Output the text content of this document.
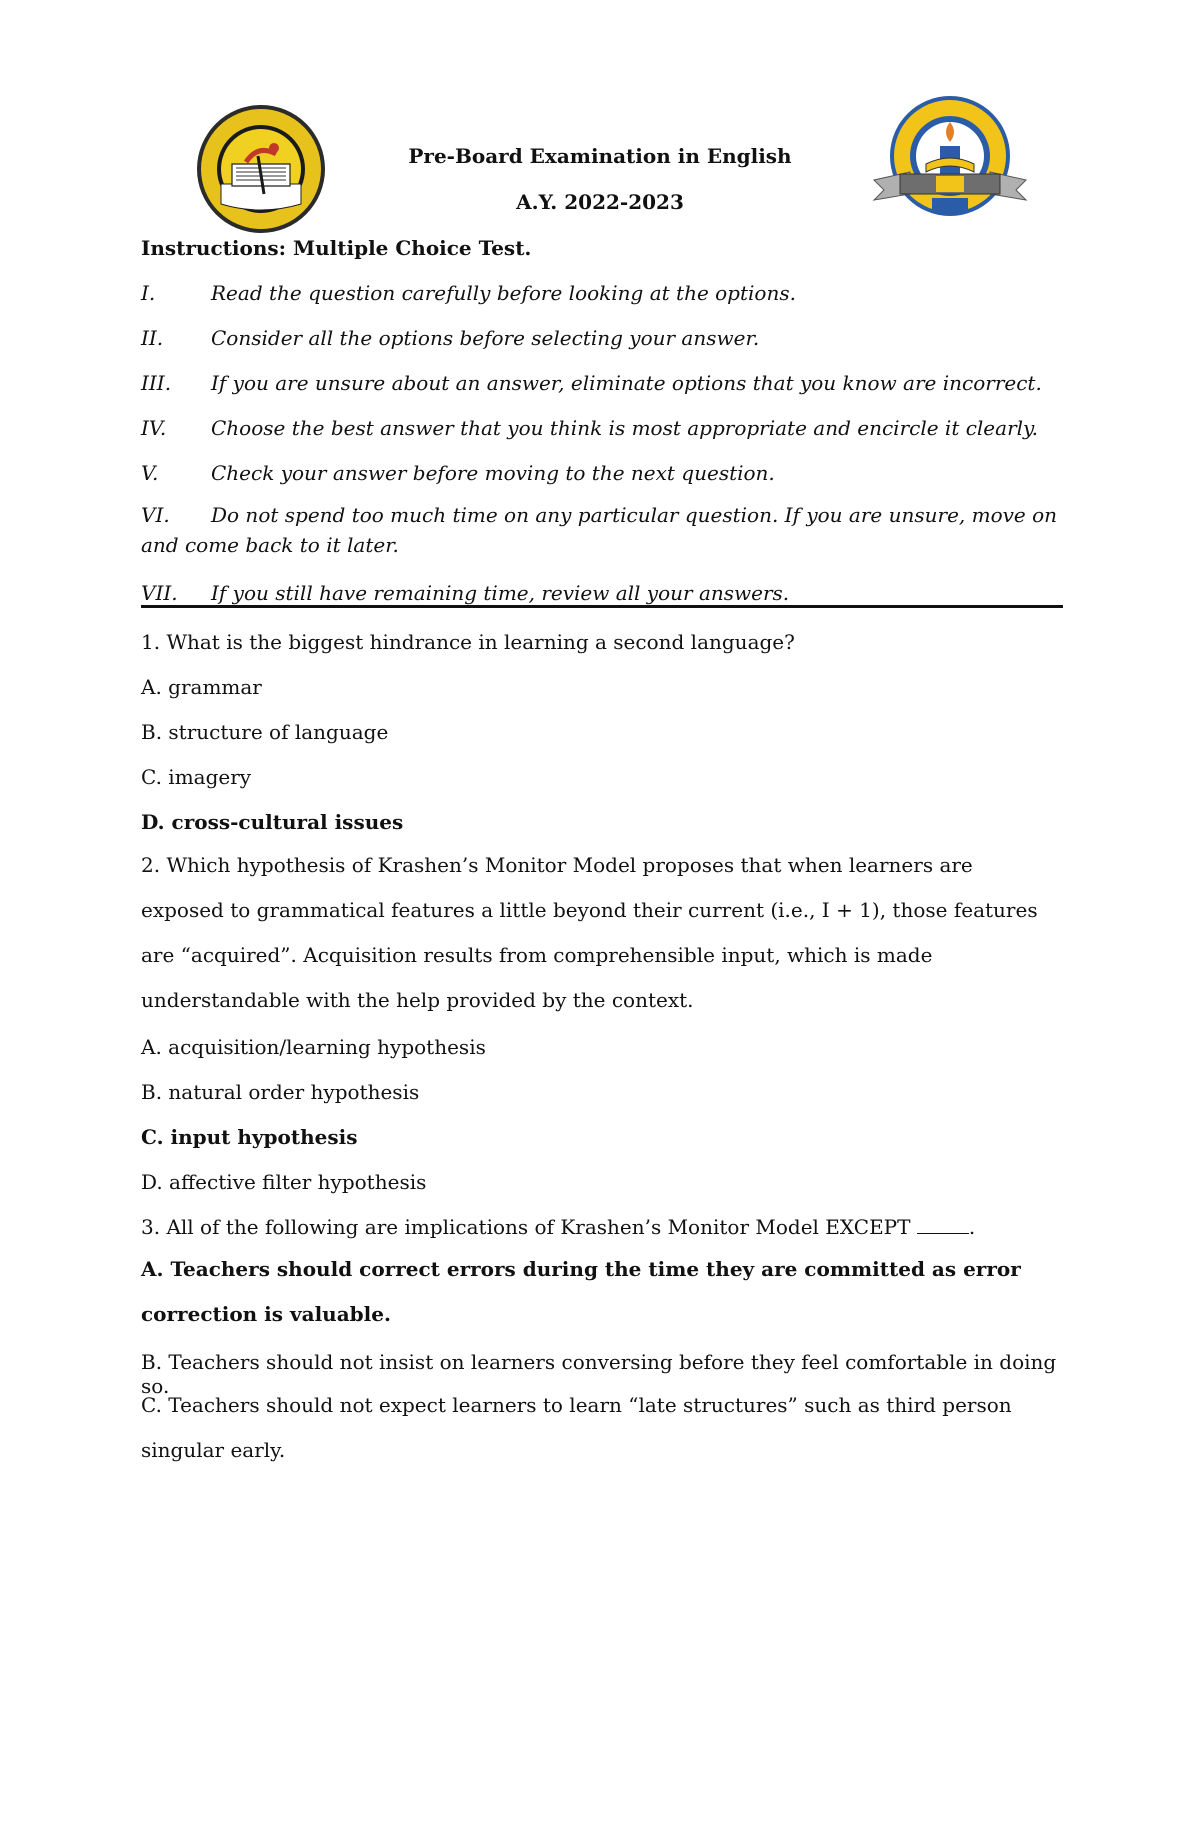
Pre-Board Examination in English
A.Y. 2022-2023
Instructions: Multiple Choice Test.
I.	Read the question carefully before looking at the options.
II. Consider all the options before selecting your answer.
III. If you are unsure about an answer, eliminate options that you know are incorrect.
IV. Choose the best answer that you think is most appropriate and encircle it clearly.
V.	Check your answer before moving to the next question.
VI. Do not spend too much time on any particular question. If you are unsure, move on and come back to it later.
VII. If you still have remaining time, review all your answers.
1. What is the biggest hindrance in learning a second language?
A. grammar
B. structure of language
C. imagery
D. cross-cultural issues
2. Which hypothesis of Krashen’s Monitor Model proposes that when learners are exposed to grammatical features a little beyond their current (i.e., I + 1), those features are “acquired”. Acquisition results from comprehensible input, which is made understandable with the help provided by the context.
A. acquisition/learning hypothesis
B. natural order hypothesis
C. input hypothesis
D. affective filter hypothesis
3. All of the following are implications of Krashen’s Monitor Model EXCEPT	.
A. Teachers should correct errors during the time they are committed as error correction is valuable.
B. Teachers should not insist on learners conversing before they feel comfortable in doing so.
C. Teachers should not expect learners to learn “late structures” such as third person singular early.
